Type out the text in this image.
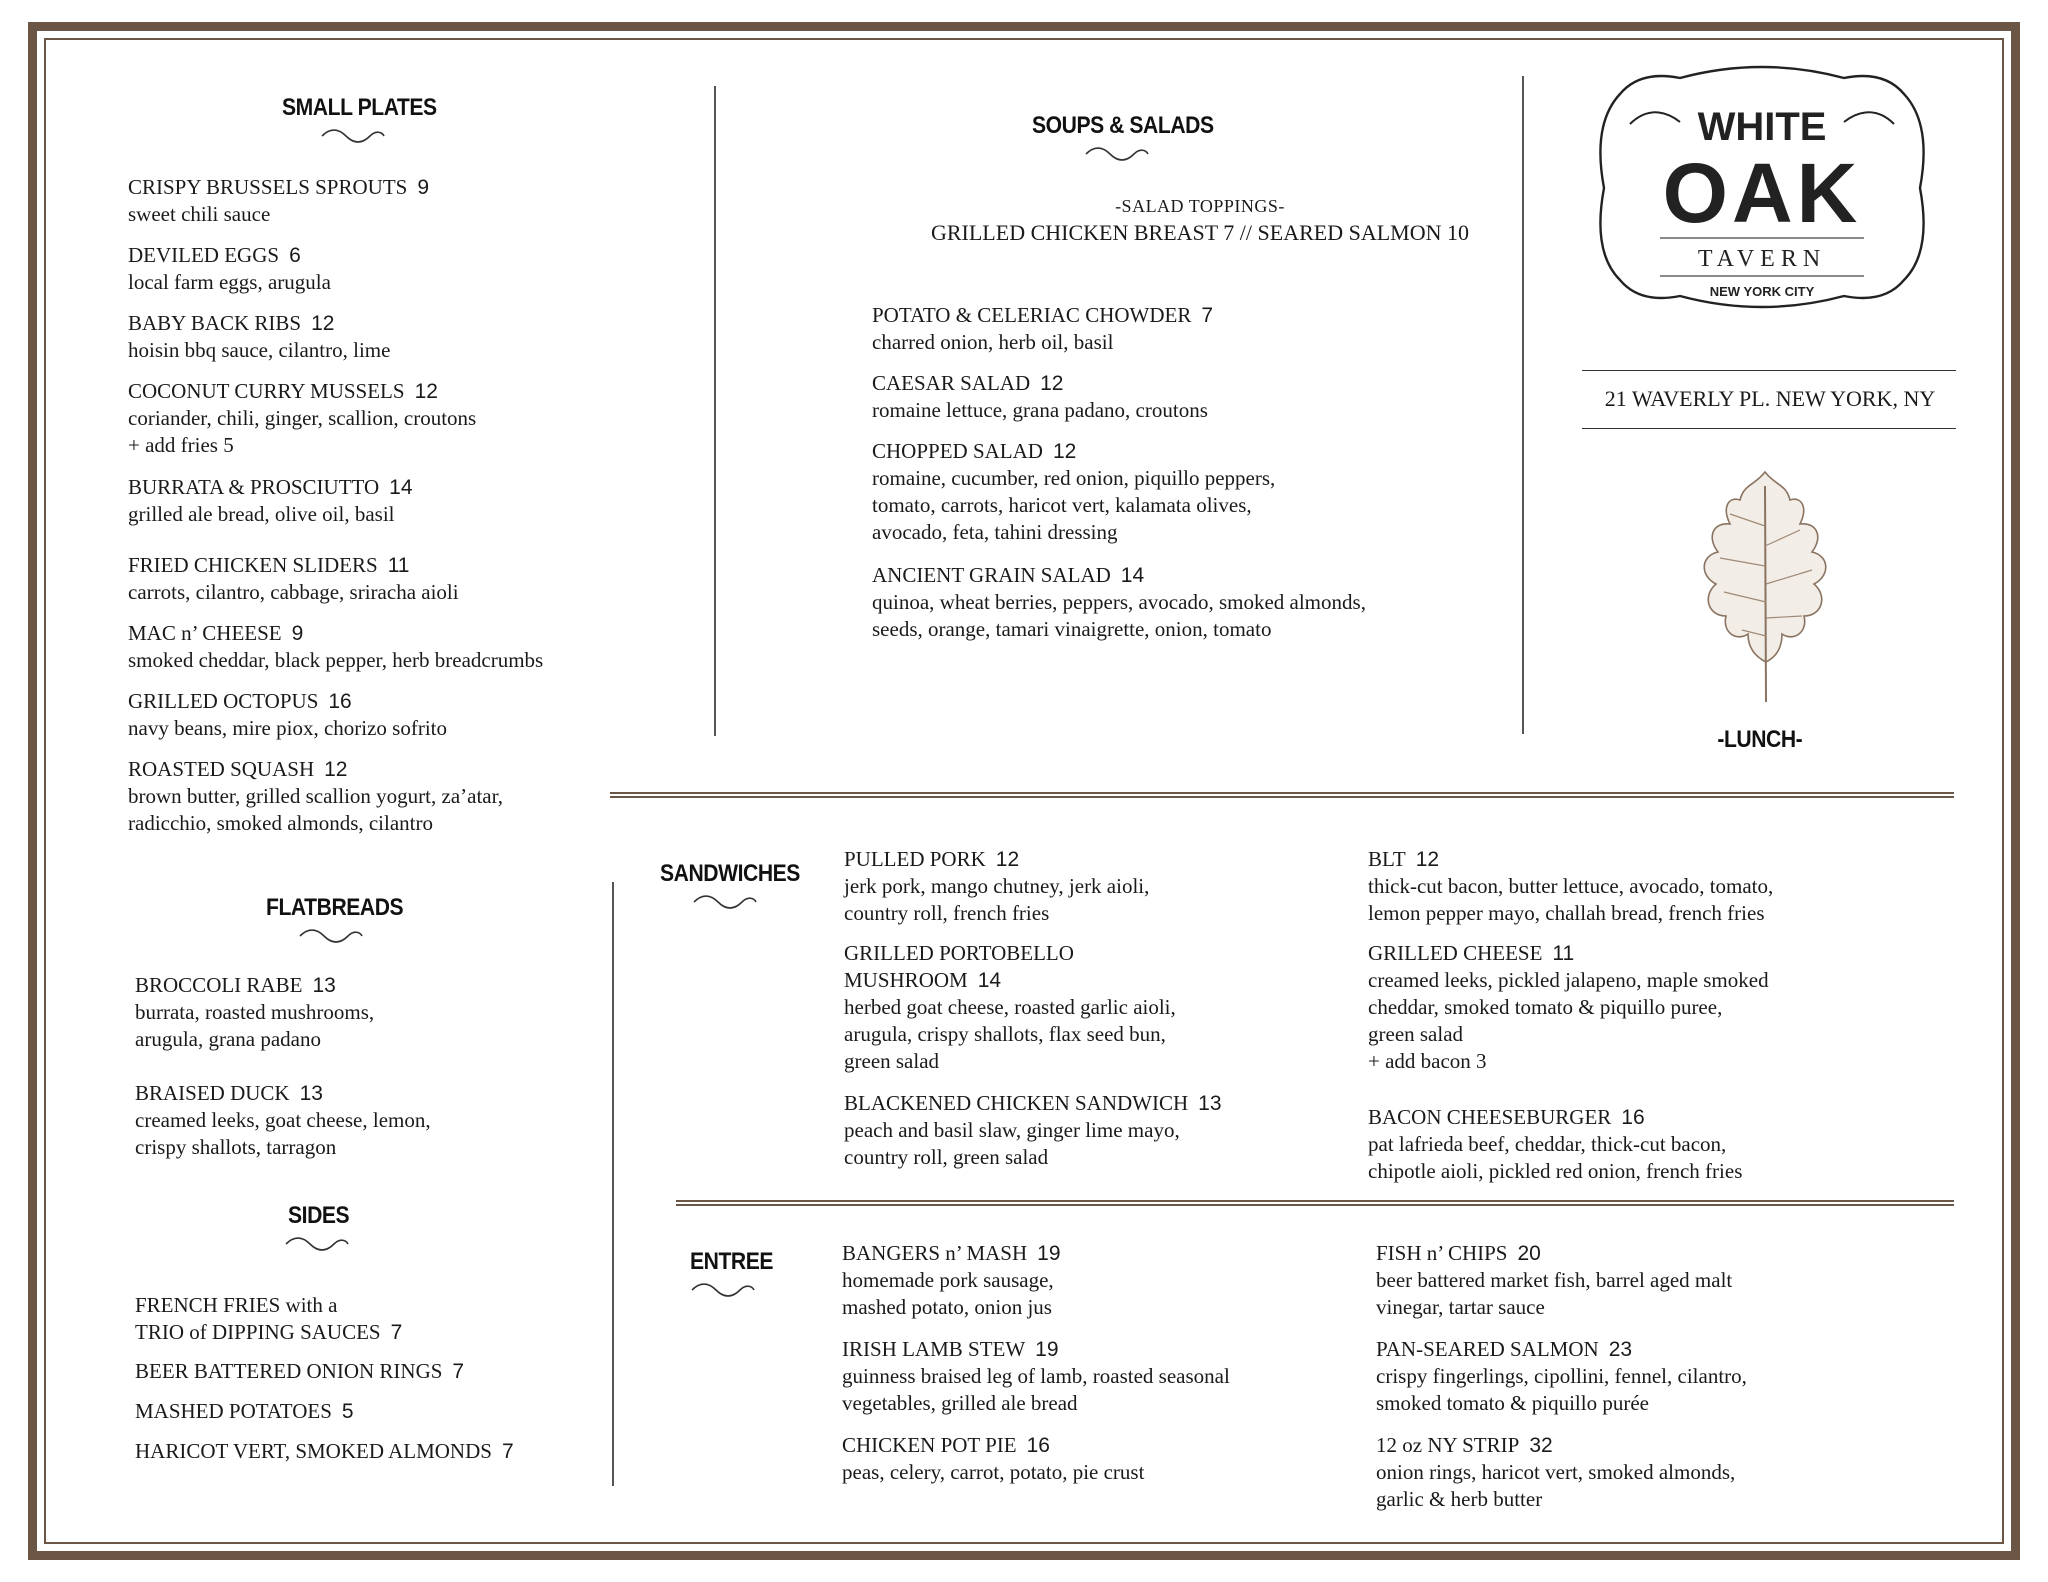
SMALL PLATES
CRISPY BRUSSELS SPROUTS 9
sweet chili sauce
DEVILED EGGS 6
local farm eggs, arugula
BABY BACK RIBS 12
hoisin bbq sauce, cilantro, lime
COCONUT CURRY MUSSELS 12
coriander, chili, ginger, scallion, croutons
+ add fries 5
BURRATA & PROSCIUTTO 14
grilled ale bread, olive oil, basil
FRIED CHICKEN SLIDERS 11
carrots, cilantro, cabbage, sriracha aioli
MAC n’ CHEESE 9
smoked cheddar, black pepper, herb breadcrumbs
GRILLED OCTOPUS 16
navy beans, mire piox, chorizo sofrito
ROASTED SQUASH 12
brown butter, grilled scallion yogurt, za’atar,
radicchio, smoked almonds, cilantro
SOUPS & SALADS
-SALAD TOPPINGS-
GRILLED CHICKEN BREAST 7 // SEARED SALMON 10
POTATO & CELERIAC CHOWDER 7
charred onion, herb oil, basil
CAESAR SALAD 12
romaine lettuce, grana padano, croutons
CHOPPED SALAD 12
romaine, cucumber, red onion, piquillo peppers,
tomato, carrots, haricot vert, kalamata olives,
avocado, feta, tahini dressing
ANCIENT GRAIN SALAD 14
quinoa, wheat berries, peppers, avocado, smoked almonds,
seeds, orange, tamari vinaigrette, onion, tomato
WHITE
OAK
TAVERN
NEW YORK CITY
21 WAVERLY PL. NEW YORK, NY
-LUNCH-
FLATBREADS
BROCCOLI RABE 13
burrata, roasted mushrooms,
arugula, grana padano
BRAISED DUCK 13
creamed leeks, goat cheese, lemon,
crispy shallots, tarragon
SIDES
FRENCH FRIES with a
TRIO of DIPPING SAUCES 7
BEER BATTERED ONION RINGS 7
MASHED POTATOES 5
HARICOT VERT, SMOKED ALMONDS 7
SANDWICHES
PULLED PORK 12
jerk pork, mango chutney, jerk aioli,
country roll, french fries
GRILLED PORTOBELLO
MUSHROOM 14
herbed goat cheese, roasted garlic aioli,
arugula, crispy shallots, flax seed bun,
green salad
BLACKENED CHICKEN SANDWICH 13
peach and basil slaw, ginger lime mayo,
country roll, green salad
BLT 12
thick-cut bacon, butter lettuce, avocado, tomato,
lemon pepper mayo, challah bread, french fries
GRILLED CHEESE 11
creamed leeks, pickled jalapeno, maple smoked
cheddar, smoked tomato & piquillo puree,
green salad
+ add bacon 3
BACON CHEESEBURGER 16
pat lafrieda beef, cheddar, thick-cut bacon,
chipotle aioli, pickled red onion, french fries
ENTREE	BANGERS n’ MASH 19
homemade pork sausage,
mashed potato, onion jus
IRISH LAMB STEW 19
guinness braised leg of lamb, roasted seasonal
vegetables, grilled ale bread
CHICKEN POT PIE 16
peas, celery, carrot, potato, pie crust
FISH n’ CHIPS 20
beer battered market fish, barrel aged malt
vinegar, tartar sauce
PAN-SEARED SALMON 23
crispy fingerlings, cipollini, fennel, cilantro,
smoked tomato & piquillo purée
12 oz NY STRIP 32
onion rings, haricot vert, smoked almonds,
garlic & herb butter
